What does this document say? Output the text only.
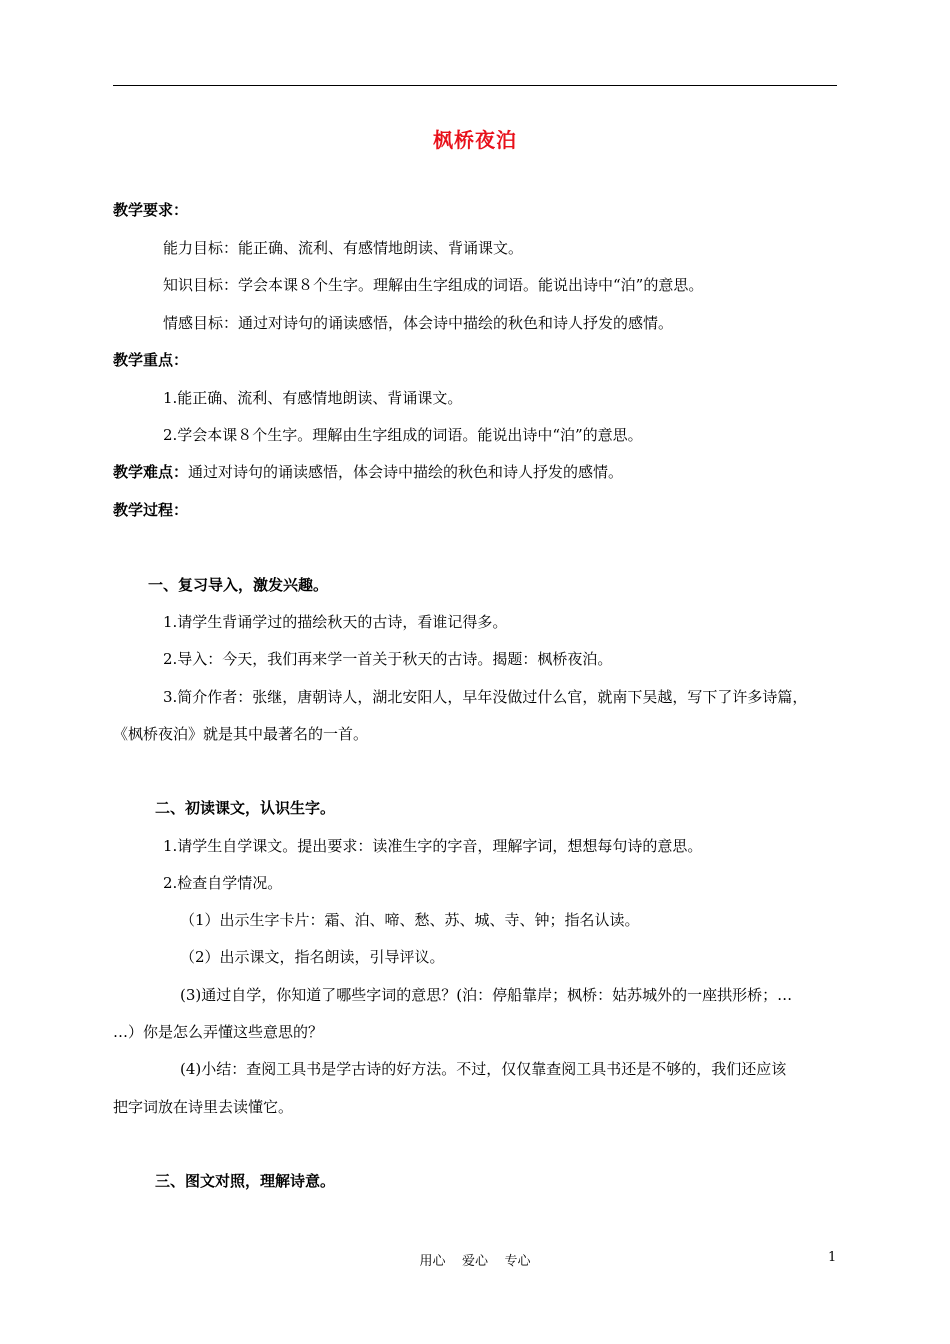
枫桥夜泊
教学要求：
能力目标：能正确、流利、有感情地朗读、背诵课文。
知识目标：学会本课８个生字。理解由生字组成的词语。能说出诗中“泊”的意思。
情感目标：通过对诗句的诵读感悟，体会诗中描绘的秋色和诗人抒发的感情。
教学重点：
1.能正确、流利、有感情地朗读、背诵课文。
2.学会本课８个生字。理解由生字组成的词语。能说出诗中“泊”的意思。
教学难点：通过对诗句的诵读感悟，体会诗中描绘的秋色和诗人抒发的感情。
教学过程：
一、复习导入，激发兴趣。
1.请学生背诵学过的描绘秋天的古诗，看谁记得多。
2.导入：今天，我们再来学一首关于秋天的古诗。揭题：枫桥夜泊。
3.简介作者：张继，唐朝诗人，湖北安阳人，早年没做过什么官，就南下吴越，写下了许多诗篇，
《枫桥夜泊》就是其中最著名的一首。
二、初读课文，认识生字。
1.请学生自学课文。提出要求：读准生字的字音，理解字词，想想每句诗的意思。
2.检查自学情况。
（1）出示生字卡片：霜、泊、啼、愁、苏、城、寺、钟；指名认读。
（2）出示课文，指名朗读，引导评议。
(3)通过自学，你知道了哪些字词的意思？(泊：停船靠岸；枫桥：姑苏城外的一座拱形桥；…
…）你是怎么弄懂这些意思的？
(4)小结：查阅工具书是学古诗的好方法。不过，仅仅靠查阅工具书还是不够的，我们还应该
把字词放在诗里去读懂它。
三、图文对照，理解诗意。
用心    爱心    专心	1
